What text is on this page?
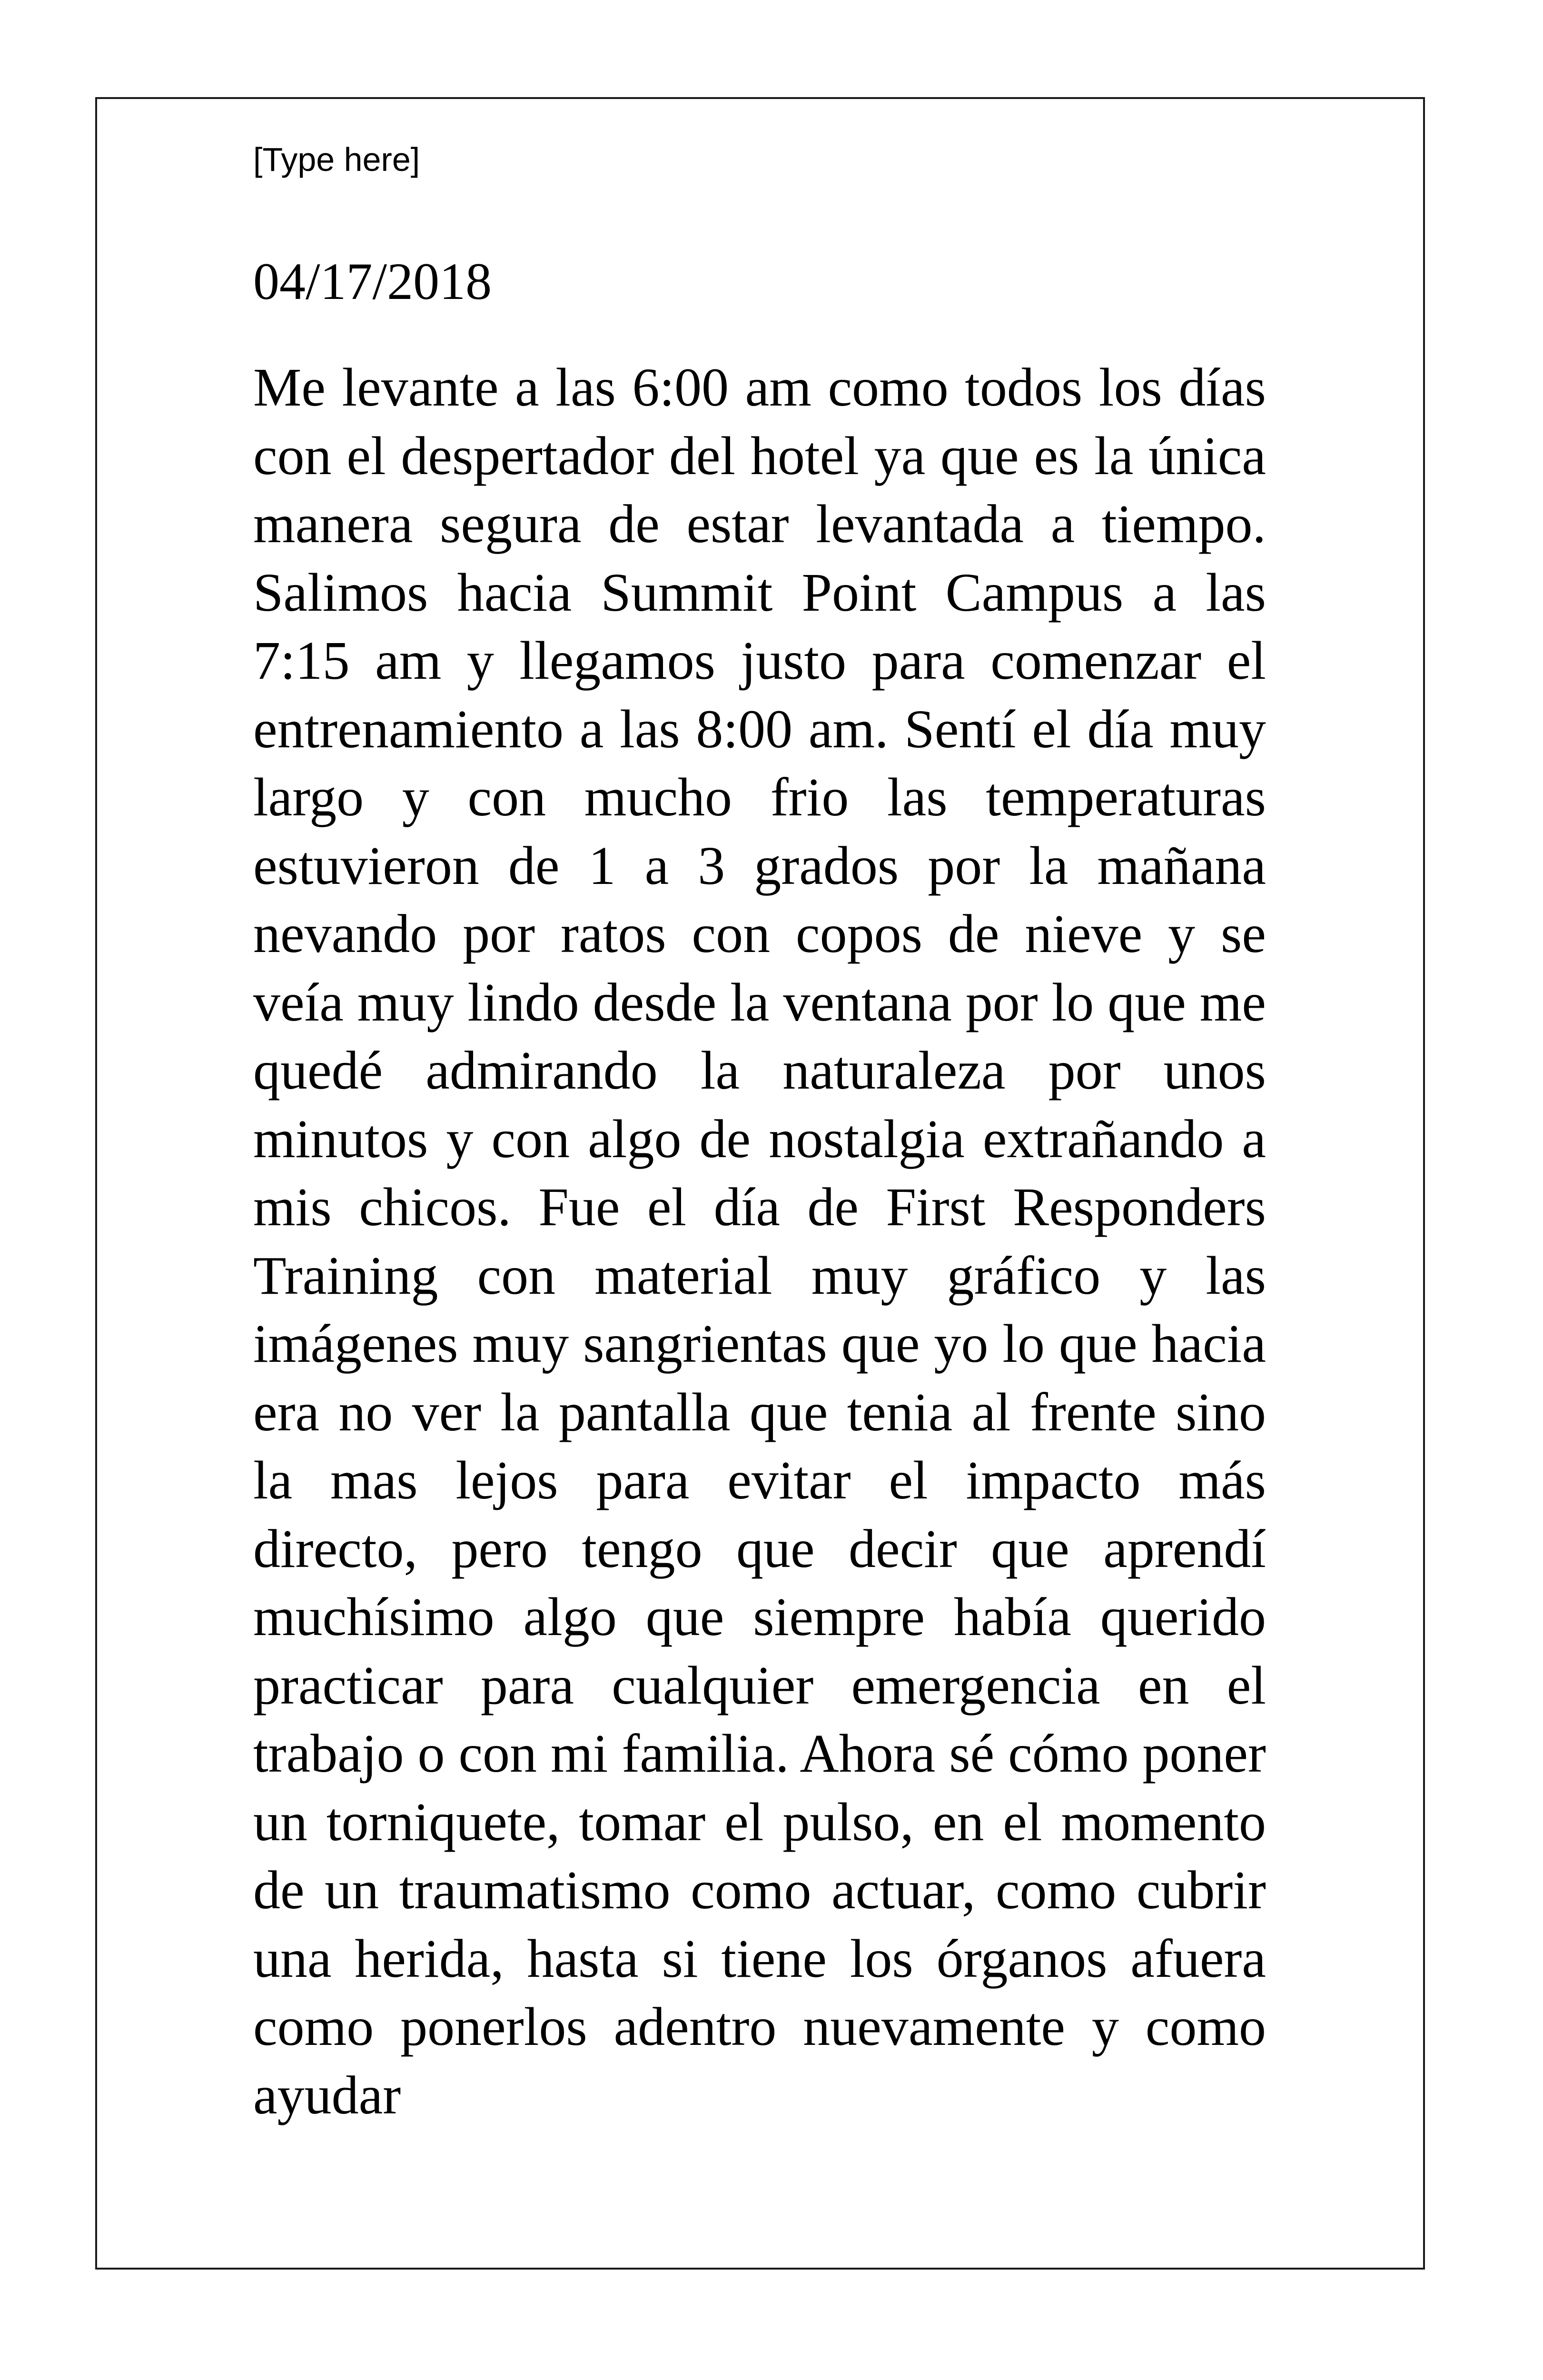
[Type here]
04/17/2018

Me levante a las 6:00 am como todos los días con el despertador del hotel ya que es la única manera segura de estar levantada a tiempo. Salimos hacia Summit Point Campus a las 7:15 am y llegamos justo para comenzar el entrenamiento a las 8:00 am. Sentí el día muy largo y con mucho frio las temperaturas estuvieron de 1 a 3 grados por la mañana nevando por ratos con copos de nieve y se veía muy lindo desde la ventana por lo que me quedé admirando la naturaleza por unos minutos y con algo de nostalgia extrañando a mis chicos. Fue el día de First Responders Training con material muy gráfico y las imágenes muy sangrientas que yo lo que hacia era no ver la pantalla que tenia al frente sino la mas lejos para evitar el impacto más directo, pero tengo que decir que aprendí muchísimo algo que siempre había querido practicar para cualquier emergencia en el trabajo o con mi familia. Ahora sé cómo poner un torniquete, tomar el pulso, en el momento de un traumatismo como actuar, como cubrir una herida, hasta si tiene los órganos afuera como ponerlos adentro nuevamente y como ayudar
